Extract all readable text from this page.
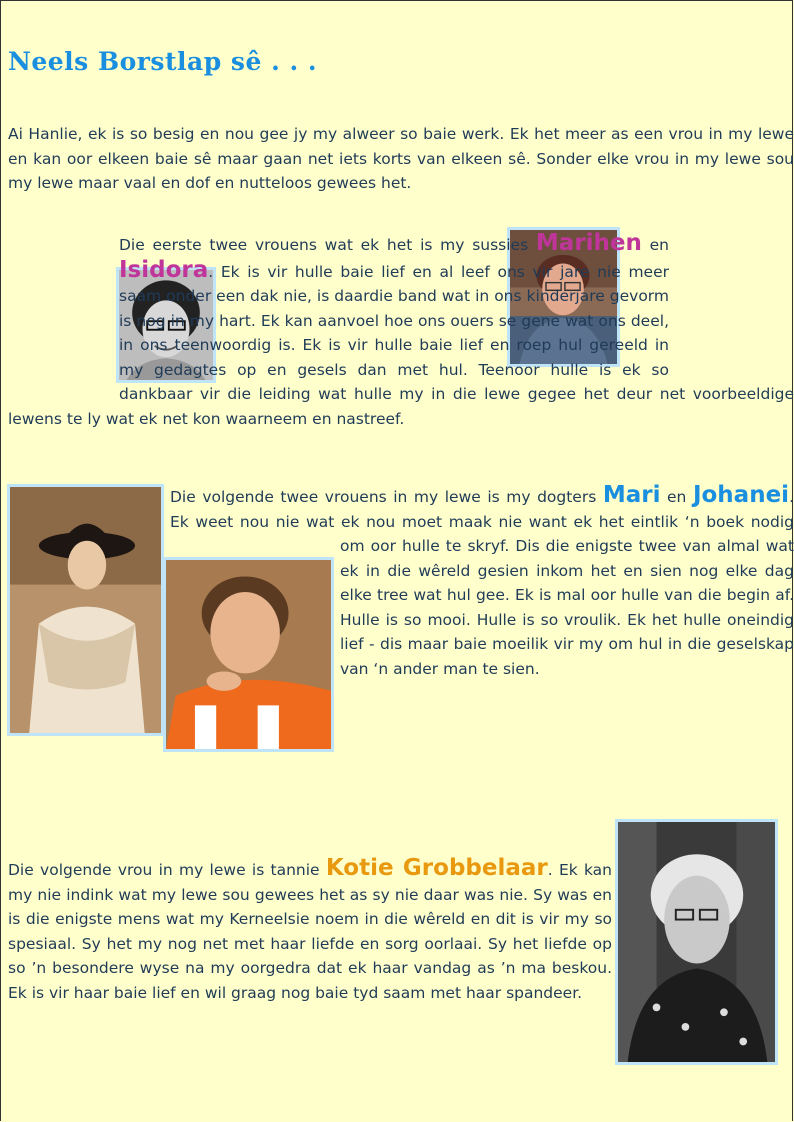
Neels Borstlap sê . . .

Ai Hanlie, ek is so besig en nou gee jy my alweer so baie werk. Ek het meer as een vrou in my lewe en kan oor elkeen baie sê maar gaan net iets korts van elkeen sê. Sonder elke vrou in my lewe sou my lewe maar vaal en dof en nutteloos gewees het.

Die eerste twee vrouens wat ek het is my sussies Marihen en Isidora. Ek is vir hulle baie lief en al leef ons vir jare nie meer saam onder een dak nie, is daardie band wat in ons kinderjare gevorm is nog in my hart. Ek kan aanvoel hoe ons ouers se gene wat ons deel, in ons teenwoordig is. Ek is vir hulle baie lief en roep hul gereeld in my gedagtes op en gesels dan met hul. Teenoor hulle is ek so dankbaar vir die leiding wat hulle my in die lewe gegee het deur net voorbeeldige lewens te ly wat ek net kon waarneem en nastreef.

Die volgende twee vrouens in my lewe is my dogters Mari en Johanei. Ek weet nou nie wat ek nou moet maak nie want ek het eintlik ‘n boek nodig om oor hulle te skryf. Dis die enigste twee van almal wat ek in die wêreld gesien inkom het en sien nog elke dag elke tree wat hul gee. Ek is mal oor hulle van die begin af. Hulle is so mooi. Hulle is so vroulik. Ek het hulle oneindig lief - dis maar baie moeilik vir my om hul in die geselskap van ‘n ander man te sien.

Die volgende vrou in my lewe is tannie Kotie Grobbelaar. Ek kan my nie indink wat my lewe sou gewees het as sy nie daar was nie. Sy was en is die enigste mens wat my Kerneelsie noem in die wêreld en dit is vir my so spesiaal. Sy het my nog net met haar liefde en sorg oorlaai. Sy het liefde op so ’n besondere wyse na my oorgedra dat ek haar vandag as ’n ma beskou. Ek is vir haar baie lief en wil graag nog baie tyd saam met haar spandeer.
